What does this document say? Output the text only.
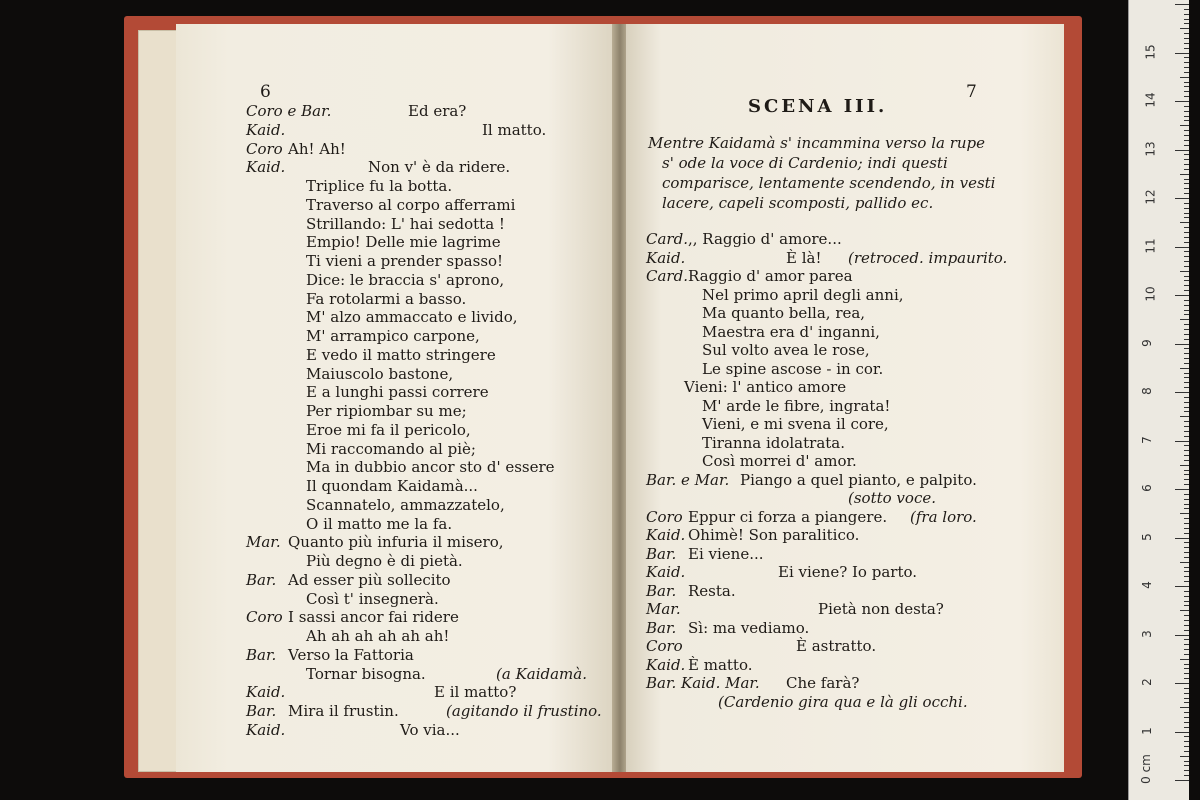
6
Coro e Bar.	Ed era?
Kaid.	Il matto.
Coro Ah! Ah!
Kaid.	Non v' è da ridere.
Triplice fu la botta.
Traverso al corpo afferrami
Strillando: L' hai sedotta !
Empio! Delle mie lagrime
Ti vieni a prender spasso!
Dice: le braccia s' aprono,
Fa rotolarmi a basso.
M' alzo ammaccato e livido,
M' arrampico carpone,
E vedo il matto stringere
Maiuscolo bastone,
E a lunghi passi correre
Per ripiombar su me;
Eroe mi fa il pericolo,
Mi raccomando al piè;
Ma in dubbio ancor sto d' essere
Il quondam Kaidamà...
Scannatelo, ammazzatelo,
O il matto me la fa.
Mar. Quanto più infuria il misero,
Più degno è di pietà.
Bar. Ad esser più sollecito
Così t' insegnerà.
Coro I sassi ancor fai ridere
Ah ah ah ah ah ah!
Bar. Verso la Fattoria
Tornar bisogna.	(a Kaidamà.
Kaid.	E il matto?
Bar. Mira il frustin.	(agitando il frustino.
Kaid.	Vo via...
7
SCENA III.
Mentre Kaidamà s' incammina verso la rupe
s' ode la voce di Cardenio; indi questi
comparisce, lentamente scendendo, in vesti
lacere, capeli scomposti, pallido ec.
Card. ,, Raggio d' amore...
Kaid.	È là! (retroced. impaurito.
Card. Raggio d' amor parea
Nel primo april degli anni,
Ma quanto bella, rea,
Maestra era d' inganni,
Sul volto avea le rose,
Le spine ascose - in cor.
Vieni: l' antico amore
M' arde le fibre, ingrata!
Vieni, e mi svena il core,
Tiranna idolatrata.
Così morrei d' amor.
Bar. e Mar. Piango a quel pianto, e palpito.
(sotto voce.
Coro Eppur ci forza a piangere. (fra loro.
Kaid. Ohimè! Son paralitico.
Bar. Ei viene...
Kaid.	Ei viene? Io parto.
Bar. Resta.
Mar.	Pietà non desta?
Bar. Sì: ma vediamo.
Coro	È astratto.
Kaid. È matto.
Bar. Kaid. Mar. Che farà?
(Cardenio gira qua e là gli occhi.
1
2
3
4
5
6
7
8
9
10
11
12
13
14
15
0 cm
